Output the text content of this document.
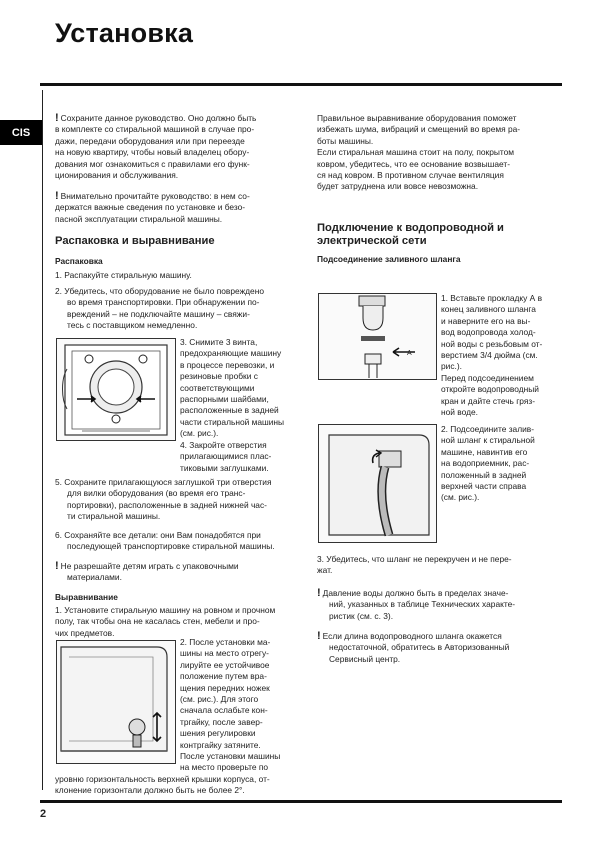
Установка
CIS
! Сохраните данное руководство. Оно должно быть
в комплекте со стиральной машиной в случае про-
дажи, передачи оборудования или при переезде
на новую квартиру, чтобы новый владелец обору-
дования мог ознакомиться с правилами его функ-
ционирования и обслуживания.
! Внимательно прочитайте руководство: в нем со-
держатся важные сведения по установке и безо-
пасной эксплуатации стиральной машины.
Распаковка и выравнивание
Распаковка
1. Распакуйте стиральную машину.
2. Убедитесь, что оборудование не было повреждено
во время транспортировки. При обнаружении по-
вреждений – не подключайте машину – свяжи-
тесь с поставщиком немедленно.
3. Снимите 3 винта,
предохраняющие машину
в процессе перевозки, и
резиновые пробки с
соответствующими
распорными шайбами,
расположенные в задней
части стиральной машины
(см. рис.).
4. Закройте отверстия
прилагающимися плас-
тиковыми заглушками.
5. Сохраните прилагающуюся заглушкой три отверстия
для вилки оборудования (во время его транс-
портировки), расположенные в задней нижней час-
ти стиральной машины.
6. Сохраняйте все детали: они Вам понадобятся при
последующей транспортировке стиральной машины.
! Не разрешайте детям играть с упаковочными
материалами.
Выравнивание
1. Установите стиральную машину на ровном и прочном
полу, так чтобы она не касалась стен, мебели и про-
чих предметов.
2. После установки ма-
шины на место отрегу-
лируйте ее устойчивое
положение путем вра-
щения передних ножек
(см. рис.). Для этого
сначала ослабьте кон-
тргайку, после завер-
шения регулировки
контргайку затяните.
После установки машины
на место проверьте по
уровню горизонтальность верхней крышки корпуса, от-
клонение горизонтали должно быть не более 2°.
Правильное выравнивание оборудования поможет
избежать шума, вибраций и смещений во время ра-
боты машины.
Если стиральная машина стоит на полу, покрытом
ковром, убедитесь, что ее основание возвышает-
ся над ковром. В противном случае вентиляция
будет затруднена или вовсе невозможна.
Подключение к водопроводной и
электрической сети
Подсоединение заливного шланга
A
1. Вставьте прокладку А в
конец заливного шланга
и наверните его на вы-
вод водопровода холод-
ной воды с резьбовым от-
верстием 3/4 дюйма (см.
рис.).
Перед подсоединением
откройте водопроводный
кран и дайте стечь гряз-
ной воде.
2. Подсоедините залив-
ной шланг к стиральной
машине, навинтив его
на водоприемник, рас-
положенный в задней
верхней части справа
(см. рис.).
3. Убедитесь, что шланг не перекручен и не пере-
жат.
! Давление воды должно быть в пределах значе-
ний, указанных в таблице Технических характе-
ристик (см. с. 3).
! Если длина водопроводного шланга окажется
недостаточной, обратитесь в Авторизованный
Сервисный центр.
2
